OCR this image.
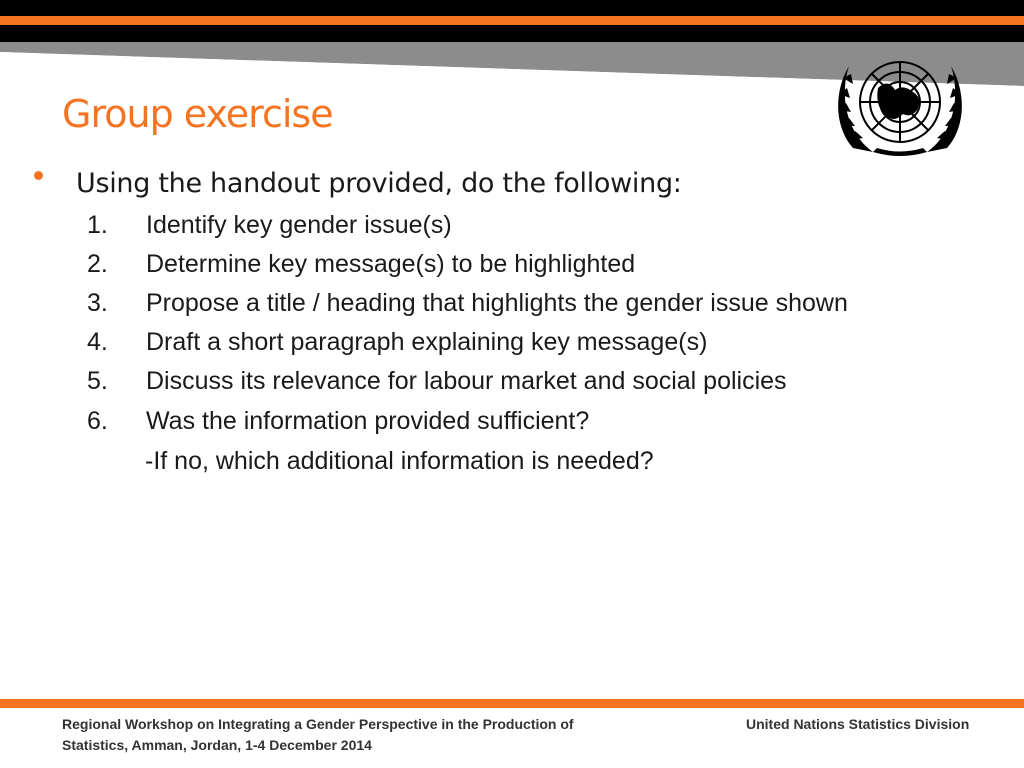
Group exercise
Using the handout provided, do the following:
1. Identify key gender issue(s)
2. Determine key message(s) to be highlighted
3. Propose a title / heading that highlights the gender issue shown
4. Draft a short paragraph explaining key message(s)
5. Discuss its relevance for labour market and social policies
6. Was the information provided sufficient?
-If no, which additional information is needed?
Regional Workshop on Integrating a Gender Perspective in the Production of Statistics, Amman, Jordan, 1-4 December 2014
United Nations Statistics Division
